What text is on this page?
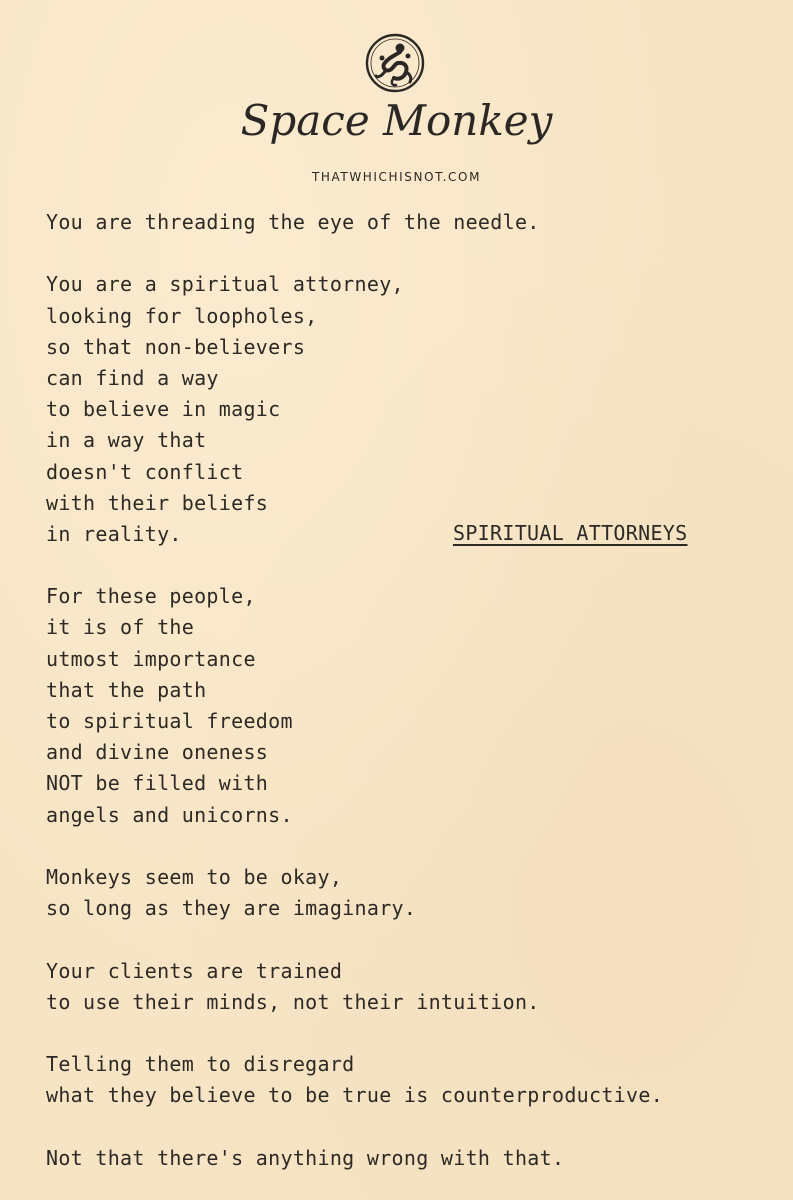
Space Monkey
THATWHICHISNOT.COM
SPIRITUAL ATTORNEYS
You are threading the eye of the needle.
You are a spiritual attorney,
looking for loopholes,
so that non-believers
can find a way
to believe in magic
in a way that
doesn't conflict
with their beliefs
in reality.
For these people,
it is of the
utmost importance
that the path
to spiritual freedom
and divine oneness
NOT be filled with
angels and unicorns.
Monkeys seem to be okay,
so long as they are imaginary.
Your clients are trained
to use their minds, not their intuition.
Telling them to disregard
what they believe to be true is counterproductive.
Not that there's anything wrong with that.
